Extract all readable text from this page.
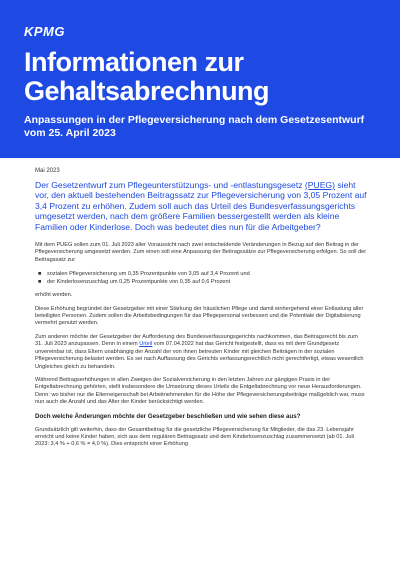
KPMG
Informationen zur Gehaltsabrechnung
Anpassungen in der Pflegeversicherung nach dem Gesetzesentwurf vom 25. April 2023

Mai 2023

Der Gesetzentwurf zum Pflegeunterstützungs- und -entlastungsgesetz (PUEG) sieht vor, den aktuell bestehenden Beitragssatz zur Pflegeversicherung von 3,05 Prozent auf 3,4 Prozent zu erhöhen. Zudem soll auch das Urteil des Bundesverfassungsgerichts umgesetzt werden, nach dem größere Familien bessergestellt werden als kleine Familien oder Kinderlose. Doch was bedeutet dies nun für die Arbeitgeber?

Mit dem PUEG sollen zum 01. Juli 2023 aller Voraussicht nach zwei entscheidende Veränderungen in Bezug auf den Beitrag in der Pflegeversicherung umgesetzt werden. Zum einen soll eine Anpassung der Beitragssätze zur Pflegeversicherung erfolgen. So soll der Beitragssatz zur

■ sozialen Pflegeversicherung um 0,35 Prozentpunkte von 3,05 auf 3,4 Prozent und
■ der Kinderlosenzuschlag um 0,25 Prozentpunkte von 0,35 auf 0,6 Prozent

erhöht werden.

Diese Erhöhung begründet der Gesetzgeber mit einer Stärkung der häuslichen Pflege und damit einhergehend einer Entlastung aller beteiligten Personen. Zudem sollen die Arbeitsbedingungen für das Pflegepersonal verbessert und die Potentiale der Digitalisierung vermehrt genutzt werden.

Zum anderen möchte der Gesetzgeber der Aufforderung des Bundesverfassungsgerichts nachkommen, das Beitragsrecht bis zum 31. Juli 2023 anzupassen. Denn in einem Urteil vom 07.04.2022 hat das Gericht festgestellt, dass es mit dem Grundgesetz unvereinbar ist, dass Eltern unabhängig der Anzahl der von ihnen betreuten Kinder mit gleichen Beiträgen in der sozialen Pflegeversicherung belastet werden. Es sei nach Auffassung des Gerichts verfassungsrechtlich nicht gerechtfertigt, etwas wesentlich Ungleiches gleich zu behandeln.

Während Beitragserhöhungen in allen Zweigen der Sozialversicherung in den letzten Jahren zur gängigen Praxis in der Entgeltabrechnung gehörten, stellt insbesondere die Umsetzung dieses Urteils die Entgeltabrechnung vor neue Herausforderungen. Denn: wo bisher nur die Elterneigenschaft bei Arbeitnehmenden für die Höhe der Pflegeversicherungsbeiträge maßgeblich war, muss nun auch die Anzahl und das Alter der Kinder berücksichtigt werden.

Doch welche Änderungen möchte der Gesetzgeber beschließen und wie sehen diese aus?

Grundsätzlich gilt weiterhin, dass der Gesamtbeitrag für die gesetzliche Pflegeversicherung für Mitglieder, die das 23. Lebensjahr erreicht und keine Kinder haben, sich aus dem regulären Beitragssatz und dem Kinderlosenzuschlag zusammensetzt (ab 01. Juli 2023: 3,4 % + 0,6 % = 4,0 %). Dies entspricht einer Erhöhung
